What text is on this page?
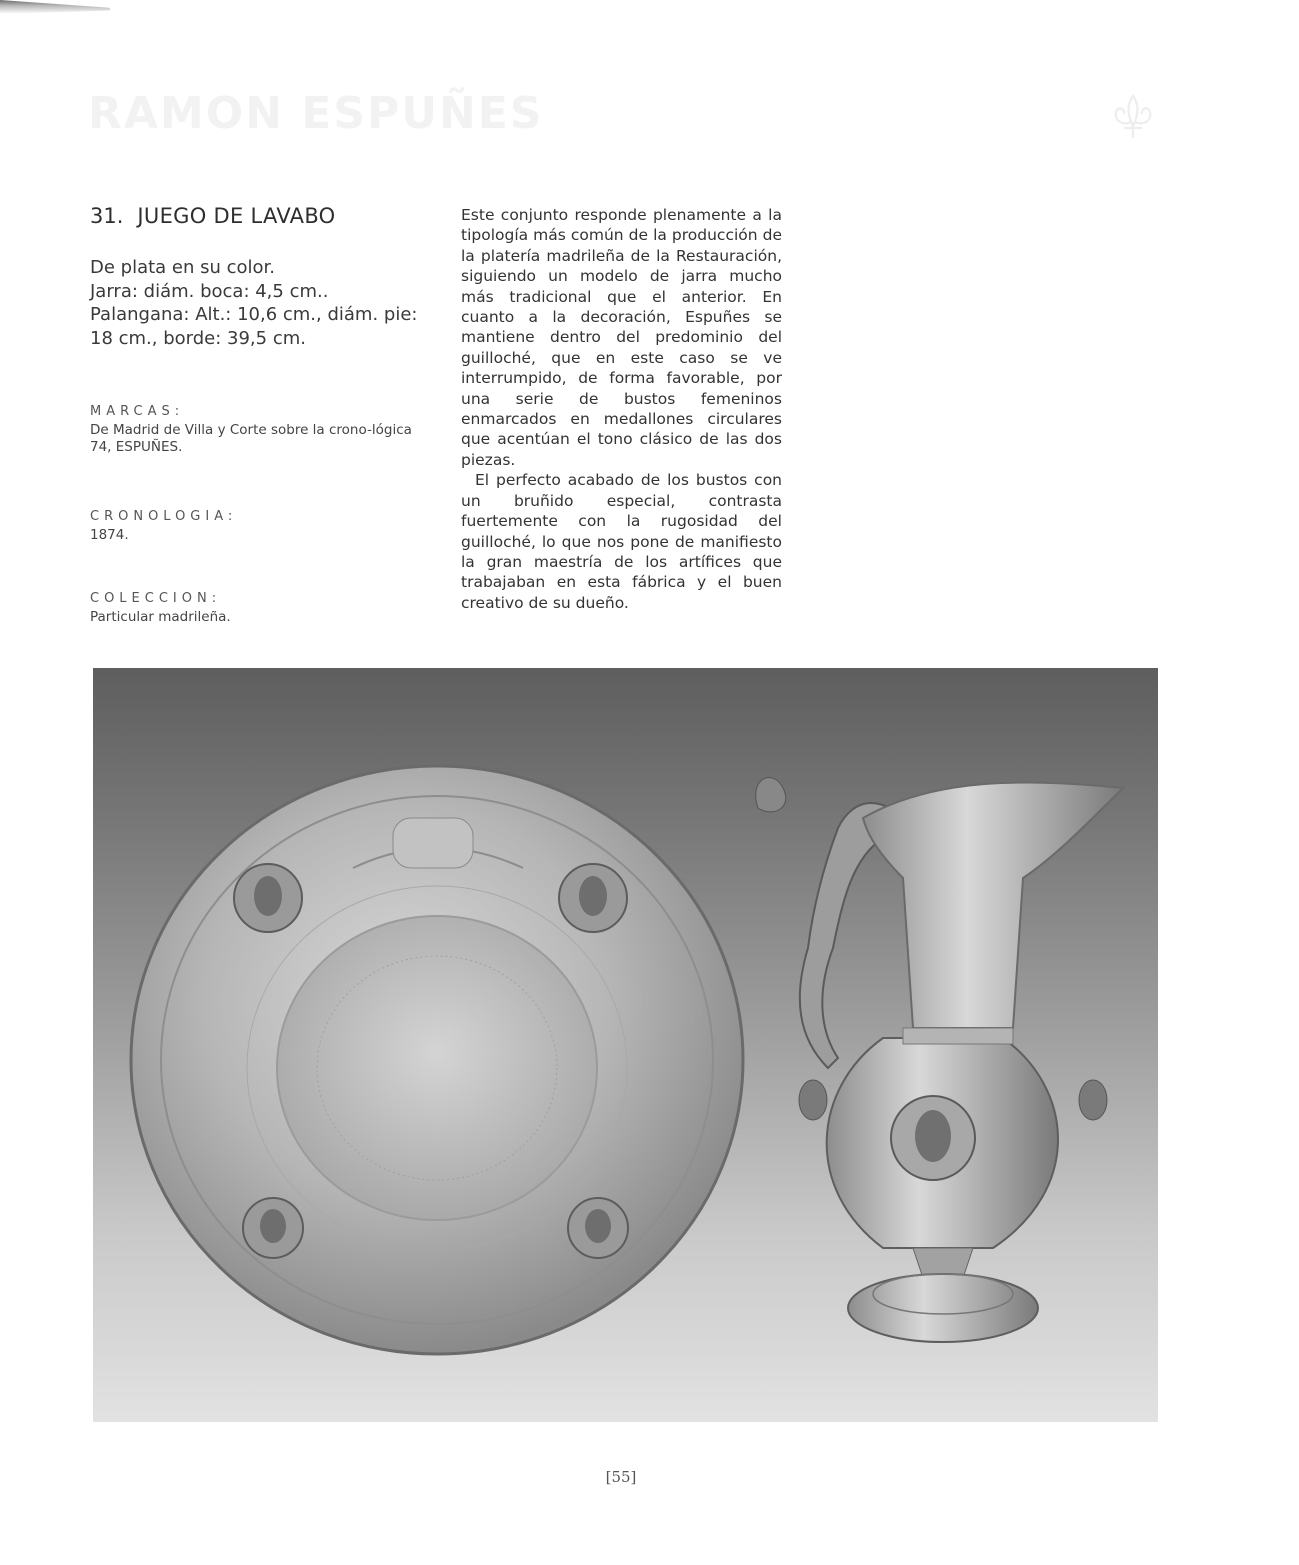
RAMON ESPUÑES
31. JUEGO DE LAVABO
De plata en su color.
Jarra: diám. boca: 4,5 cm..
Palangana: Alt.: 10,6 cm., diám. pie:
18 cm., borde: 39,5 cm.
MARCAS:
De Madrid de Villa y Corte sobre la crono-lógica 74, ESPUÑES.
CRONOLOGIA:
1874.
COLECCION:
Particular madrileña.

Este conjunto responde plenamente a la tipología más común de la producción de la platería madrileña de la Restauración, siguiendo un modelo de jarra mucho más tradicional que el anterior. En cuanto a la decoración, Espuñes se mantiene dentro del predominio del guilloché, que en este caso se ve interrumpido, de forma favorable, por una serie de bustos femeninos enmarcados en medallones circulares que acentúan el tono clásico de las dos piezas.

El perfecto acabado de los bustos con un bruñido especial, contrasta fuertemente con la rugosidad del guilloché, lo que nos pone de manifiesto la gran maestría de los artífices que trabajaban en esta fábrica y el buen creativo de su dueño.

[55]
